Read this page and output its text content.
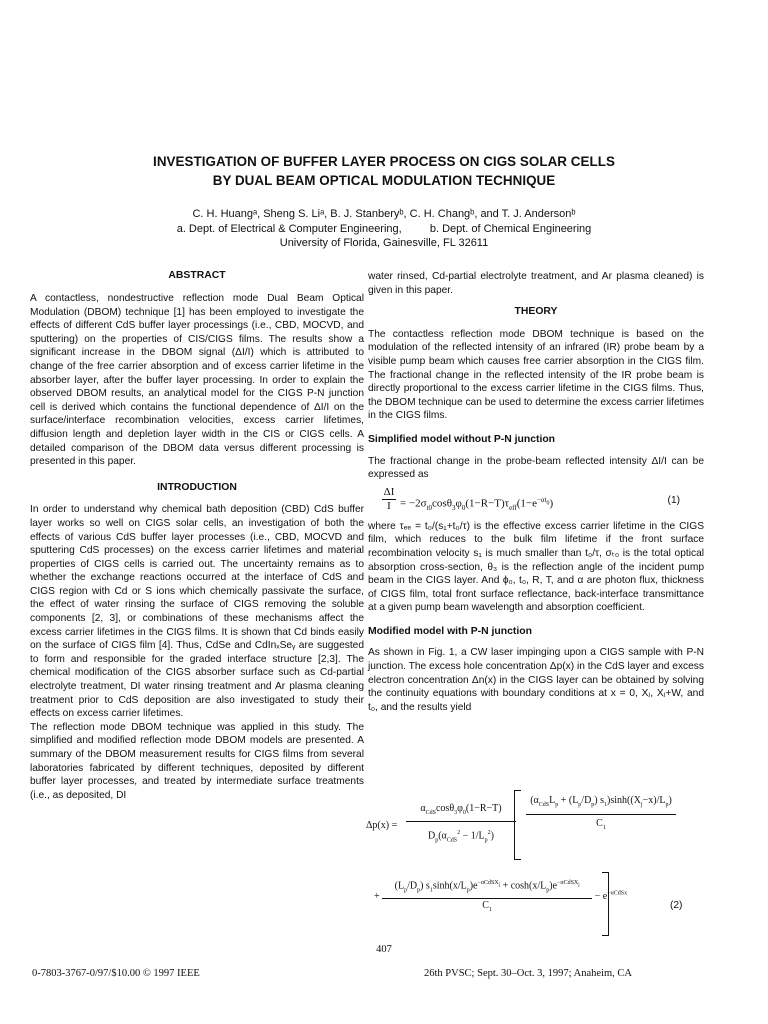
INVESTIGATION OF BUFFER LAYER PROCESS ON CIGS SOLAR CELLS
BY DUAL BEAM OPTICAL MODULATION TECHNIQUE
C. H. Huangᵃ, Sheng S. Liᵃ, B. J. Stanberyᵇ, C. H. Changᵇ, and T. J. Andersonᵇ
a. Dept. of Electrical & Computer Engineering,	b. Dept. of Chemical Engineering
University of Florida, Gainesville, FL 32611
ABSTRACT

A contactless, nondestructive reflection mode Dual Beam Optical Modulation (DBOM) technique [1] has been employed to investigate the effects of different CdS buffer layer processings (i.e., CBD, MOCVD, and sputtering) on the properties of CIS/CIGS films. The results show a significant increase in the DBOM signal (ΔI/I) which is attributed to change of the free carrier absorption and of excess carrier lifetime in the absorber layer, after the buffer layer processing. In order to explain the observed DBOM results, an analytical model for the CIGS P-N junction cell is derived which contains the functional dependence of ΔI/I on the surface/interface recombination velocities, excess carrier lifetimes, diffusion length and depletion layer width in the CIS or CIGS cells. A detailed comparison of the DBOM data versus different processing is presented in this paper.

INTRODUCTION

In order to understand why chemical bath deposition (CBD) CdS buffer layer works so well on CIGS solar cells, an investigation of both the effects of various CdS buffer layer processes (i.e., CBD, MOCVD and sputtering CdS processes) on the excess carrier lifetimes and material properties of CIGS cells is carried out. The uncertainty remains as to whether the exchange reactions occurred at the interface of CdS and CIGS region with Cd or S ions which chemically passivate the surface, the effect of water rinsing the surface of CIGS removing the soluble components [2, 3], or combinations of these mechanisms affect the excess carrier lifetimes in the CIGS films. It is shown that Cd binds easily on the surface of CIGS film [4]. Thus, CdSe and CdInₓSeᵧ are suggested to form and responsible for the graded interface structure [2,3]. The chemical modification of the CIGS absorber surface such as Cd-partial electrolyte treatment, DI water rinsing treatment and Ar plasma cleaning treatment prior to CdS deposition are also investigated to study their effects on excess carrier lifetimes.

The reflection mode DBOM technique was applied in this study. The simplified and modified reflection mode DBOM models are presented. A summary of the DBOM measurement results for CIGS films from several laboratories fabricated by different techniques, deposited by different buffer layer processes, and treated by intermediate surface treatments (i.e., as deposited, DI

water rinsed, Cd-partial electrolyte treatment, and Ar plasma cleaned) is given in this paper.

THEORY

The contactless reflection mode DBOM technique is based on the modulation of the reflected intensity of an infrared (IR) probe beam by a visible pump beam which causes free carrier absorption in the CIGS film. The fractional change in the reflected intensity of the IR probe beam is directly proportional to the excess carrier lifetime in the CIGS films. Thus, the DBOM technique can be used to determine the excess carrier lifetimes in the CIGS films.

Simplified model without P-N junction

The fractional change in the probe-beam reflected intensity ΔI/I can be expressed as

ΔI
$I = -2\sigma_{t0}\cos\theta_3\varphi_0(1-R-T)\tau_{eff}(1-e^{-\alpha t_0})$	(1)

where τₑₑ = t₀/(s₁+t₀/τ) is the effective excess carrier lifetime in the CIGS film, which reduces to the bulk film lifetime if the front surface recombination velocity s₁ is much smaller than t₀/τ, σₜ₀ is the total optical absorption cross-section, θ₃ is the reflection angle of the incident pump beam in the CIGS layer. And ϕ₀, t₀, R, T, and α are photon flux, thickness of CIGS film, total front surface reflectance, back-interface transmittance at a given pump beam wavelength and absorption coefficient.

Modified model with P-N junction

As shown in Fig. 1, a CW laser impinging upon a CIGS sample with P-N junction. The excess hole concentration Δp(x) in the CdS layer and excess electron concentration Δn(x) in the CIGS layer can be obtained by solving the continuity equations with boundary conditions at x = 0, Xⱼ, Xⱼ+W, and t₀, and the results yield

Δp(x) =
$\alpha_{CdS}\cos\theta_3\varphi_0(1-R-T)$
$D_p(\alpha_{CdS}^2 - 1/L_p^2)$
($\alpha_{CdS}L_p + (L_p/D_p)$ $s_1)\sinh((X_j-x)/L_p)$
$C_1$
+
$(L_p/D_p) s_1\sinh(x/L_p)e^{-\alpha CdSX_j} + \cosh(x/L_p)e^{-\alpha CdSX_j}$
$C_1$
− $e^{-\alpha CdSx}$
(2)
407
0-7803-3767-0/97/$10.00 © 1997 IEEE	26th PVSC; Sept. 30–Oct. 3, 1997; Anaheim, CA
